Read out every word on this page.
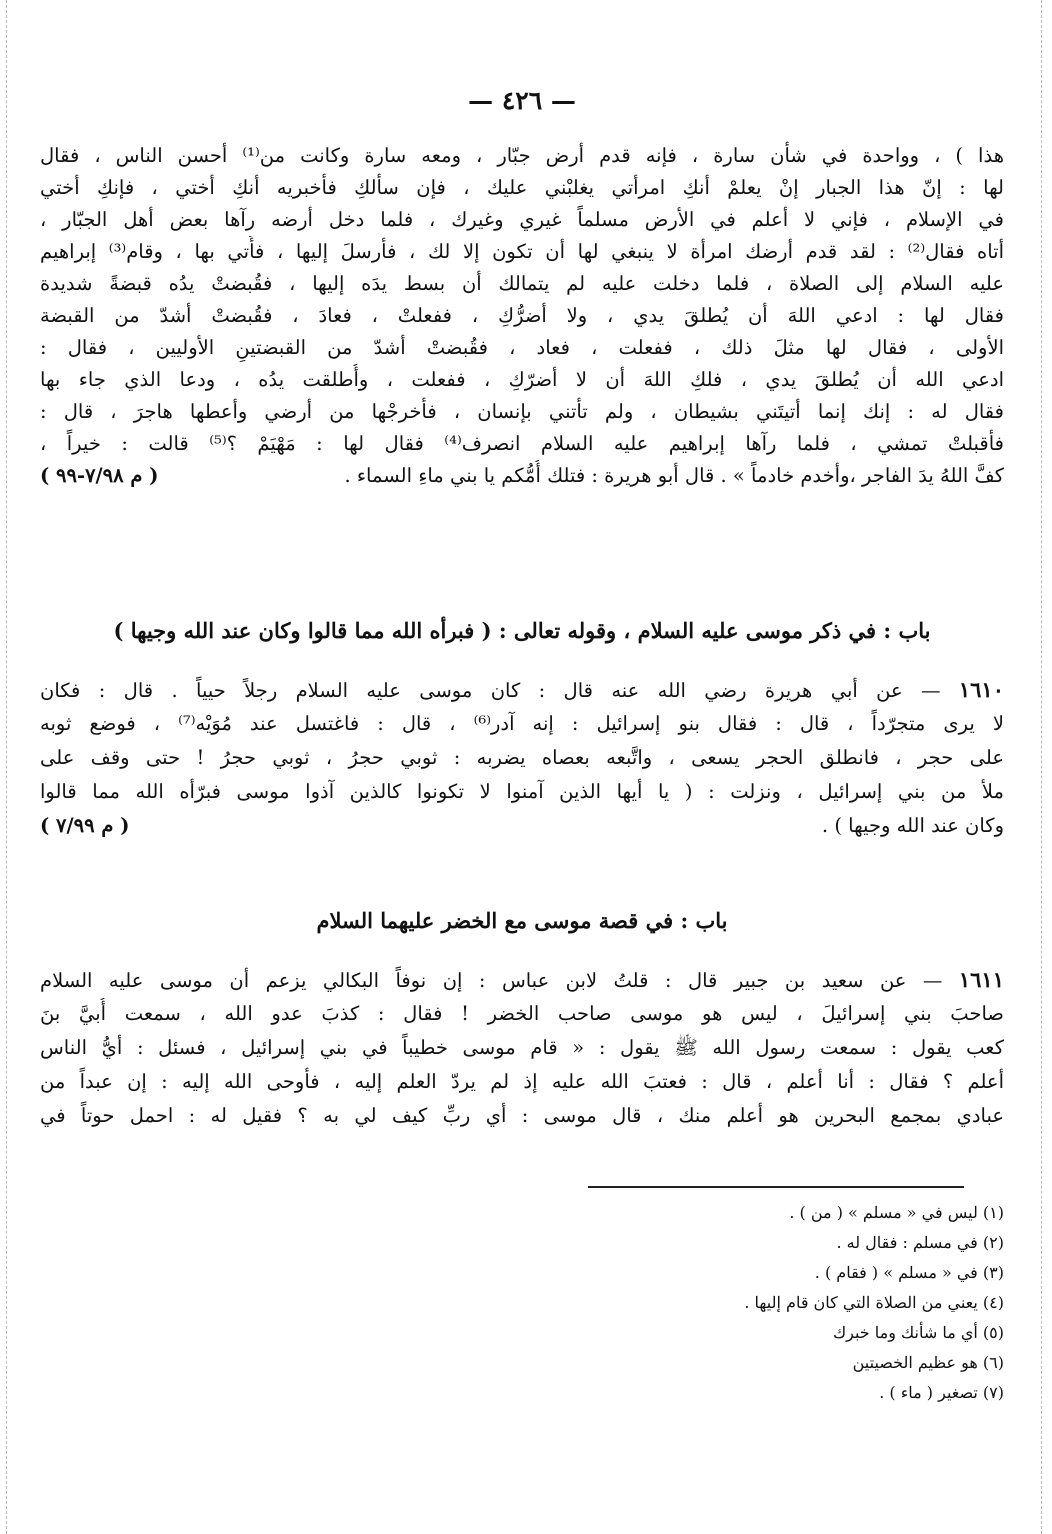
— ٤٢٦ —
هذا ) ، وواحدة في شأن سارة ، فإنه قدم أرض جبّار ، ومعه سارة وكانت من⁽¹⁾ أحسن الناس ، فقال
لها : إنّ هذا الجبار إنْ يعلمْ أنكِ امرأتي يغلبْني عليك ، فإن سألكِ فأخبريه أنكِ أختي ، فإنكِ أختي
في الإسلام ، فإني لا أعلم في الأرض مسلماً غيري وغيرك ، فلما دخل أرضه رآها بعض أهل الجبّار ،
أتاه فقال⁽²⁾ : لقد قدم أرضك امرأة لا ينبغي لها أن تكون إلا لك ، فأرسلَ إليها ، فأُتي بها ، وقام⁽³⁾ إبراهيم
عليه السلام إلى الصلاة ، فلما دخلت عليه لم يتمالك أن بسط يدَه إليها ، فقُبضتْ يدُه قبضةً شديدة
فقال لها : ادعي اللهَ أن يُطلقَ يدي ، ولا أضرُّكِ ، ففعلتْ ، فعادَ ، فقُبضتْ أشدّ من القبضة
الأولى ، فقال لها مثلَ ذلك ، ففعلت ، فعاد ، فقُبضتْ أشدّ من القبضتينِ الأوليين ، فقال :
ادعي الله أن يُطلقَ يدي ، فلكِ اللهَ أن لا أضرّكِ ، ففعلت ، وأُطلقت يدُه ، ودعا الذي جاء بها
فقال له : إنك إنما أتيتَني بشيطان ، ولم تأتني بإنسان ، فأخرجْها من أرضي وأعطها هاجرَ ، قال :
فأقبلتْ تمشي ، فلما رآها إبراهيم عليه السلام انصرف⁽⁴⁾ فقال لها : مَهْيَمْ ؟⁽⁵⁾ قالت : خيراً ،
( م ٧/٩٨-٩٩ )	كفَّ اللهُ يدَ الفاجر ،وأخدم خادماً » . قال أبو هريرة : فتلك أُمُّكم يا بني ماءِ السماء .
باب : في ذكر موسى عليه السلام ، وقوله تعالى : ( فبرأه الله مما قالوا وكان عند الله وجيها )
١٦١٠ — عن أبي هريرة رضي الله عنه قال : كان موسى عليه السلام رجلاً حيياً . قال : فكان
لا يرى متجرّداً ، قال : فقال بنو إسرائيل : إنه آدر⁽⁶⁾ ، قال : فاغتسل عند مُوَيْه⁽⁷⁾ ، فوضع ثوبه
على حجر ، فانطلق الحجر يسعى ، واتَّبعه بعصاه يضربه : ثوبي حجرُ ، ثوبي حجرُ ! حتى وقف على
ملأ من بني إسرائيل ، ونزلت : ( يا أيها الذين آمنوا لا تكونوا كالذين آذوا موسى فبرّأه الله مما قالوا
( م ٧/٩٩ )	وكان عند الله وجيها ) .
باب : في قصة موسى مع الخضر عليهما السلام
١٦١١ — عن سعيد بن جبير قال : قلتُ لابن عباس : إن نوفاً البكالي يزعم أن موسى عليه السلام
صاحبَ بني إسرائيلَ ، ليس هو موسى صاحب الخضر ! فقال : كذبَ عدو الله ، سمعت أُبيَّ بنَ
كعب يقول : سمعت رسول الله ﷺ يقول : « قام موسى خطيباً في بني إسرائيل ، فسئل : أيُّ الناس
أعلم ؟ فقال : أنا أعلم ، قال : فعتبَ الله عليه إذ لم يردّ العلم إليه ، فأوحى الله إليه : إن عبداً من
عبادي بمجمع البحرين هو أعلم منك ، قال موسى : أي ربِّ كيف لي به ؟ فقيل له : احمل حوتاً في
(١) ليس في « مسلم » ( من ) .
(٢) في مسلم : فقال له .
(٣) في « مسلم » ( فقام ) .
(٤) يعني من الصلاة التي كان قام إليها .
(٥) أي ما شأنك وما خبرك
(٦) هو عظيم الخصيتين
(٧) تصغير ( ماء ) .
